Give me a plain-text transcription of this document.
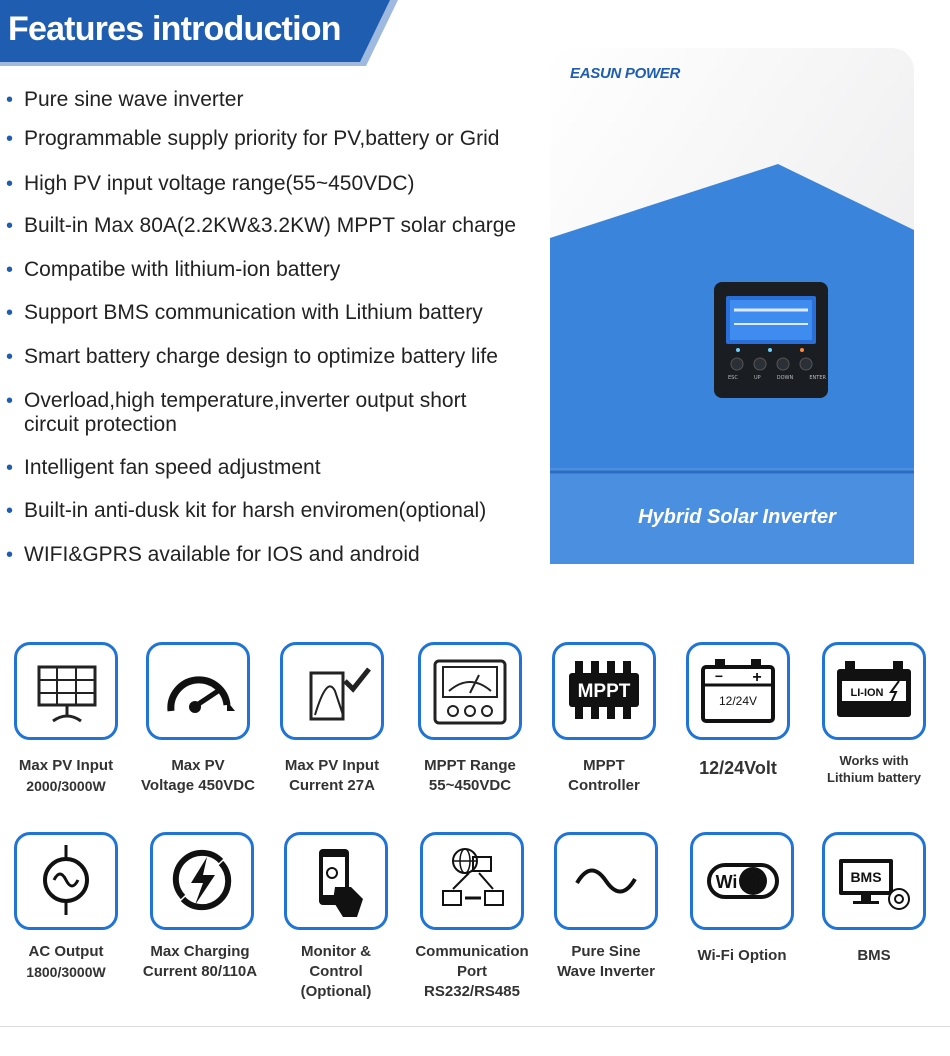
Features introduction
• Pure sine wave inverter
• Programmable supply priority for PV,battery or Grid
• High PV input voltage range(55~450VDC)
• Built-in Max 80A(2.2KW&3.2KW) MPPT solar charge
• Compatibe with lithium-ion battery
• Support BMS communication with Lithium battery
• Smart battery charge design to optimize battery life
• Overload,high temperature,inverter output short circuit protection
• Intelligent fan speed adjustment
• Built-in anti-dusk kit for harsh enviromen(optional)
• WIFI&GPRS available for IOS and android
EASUN POWER
Hybrid Solar Inverter
ESC	UP	DOWN	ENTER
Max PV Input
2000/3000W
Max PV
Voltage 450VDC
Max PV Input
Current 27A
MPPT Range
55~450VDC
MPPT
MPPT
Controller
− +
12/24V
12/24Volt
LI-ION
Works with
Lithium battery
AC Output
1800/3000W
Max Charging
Current 80/110A
Monitor &
Control
(Optional)
Communication
Port
RS232/RS485
Pure Sine
Wave Inverter
Wi Fi
Wi-Fi Option
BMS
BMS
